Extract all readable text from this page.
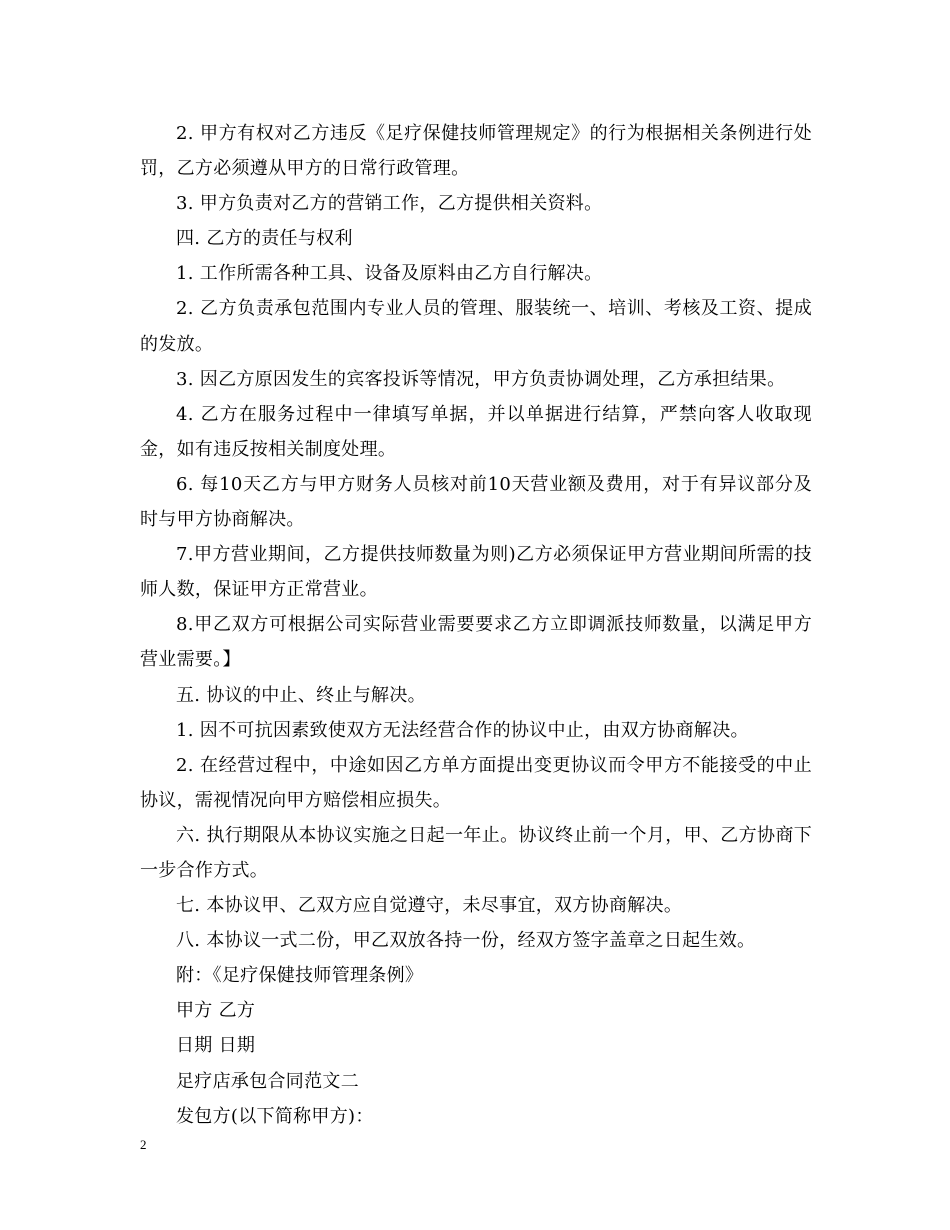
2. 甲方有权对乙方违反《足疗保健技师管理规定》的行为根据相关条例进行处罚，乙方必须遵从甲方的日常行政管理。

3. 甲方负责对乙方的营销工作，乙方提供相关资料。

四. 乙方的责任与权利

1. 工作所需各种工具、设备及原料由乙方自行解决。

2. 乙方负责承包范围内专业人员的管理、服装统一、培训、考核及工资、提成的发放。

3. 因乙方原因发生的宾客投诉等情况，甲方负责协调处理，乙方承担结果。

4. 乙方在服务过程中一律填写单据，并以单据进行结算，严禁向客人收取现金，如有违反按相关制度处理。

6. 每10天乙方与甲方财务人员核对前10天营业额及费用，对于有异议部分及时与甲方协商解决。

7.甲方营业期间，乙方提供技师数量为则)乙方必须保证甲方营业期间所需的技师人数，保证甲方正常营业。

8.甲乙双方可根据公司实际营业需要要求乙方立即调派技师数量，以满足甲方营业需要。】

五. 协议的中止、终止与解决。

1. 因不可抗因素致使双方无法经营合作的协议中止，由双方协商解决。

2. 在经营过程中，中途如因乙方单方面提出变更协议而令甲方不能接受的中止协议，需视情况向甲方赔偿相应损失。

六. 执行期限从本协议实施之日起一年止。协议终止前一个月，甲、乙方协商下一步合作方式。

七. 本协议甲、乙双方应自觉遵守，未尽事宜，双方协商解决。

八. 本协议一式二份，甲乙双放各持一份，经双方签字盖章之日起生效。

附：《足疗保健技师管理条例》

甲方 乙方

日期 日期

足疗店承包合同范文二

发包方(以下简称甲方)：

2
